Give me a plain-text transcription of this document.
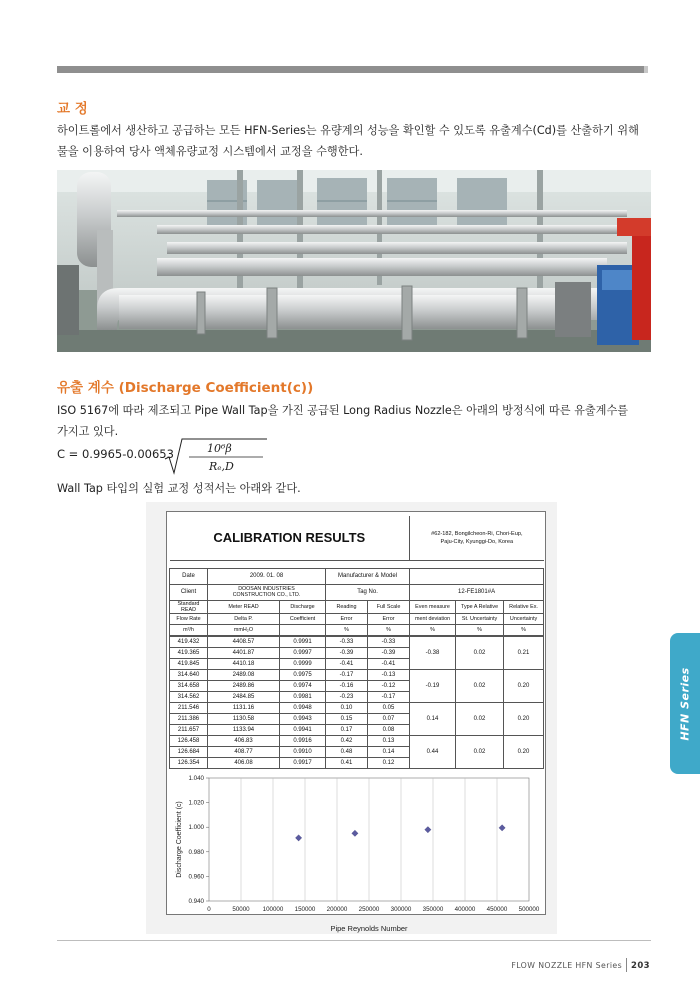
교 정
하이트롤에서 생산하고 공급하는 모든 HFN-Series는 유량계의 성능을 확인할 수 있도록 유출계수(Cd)를 산출하기 위해
물을 이용하여 당사 액체유량교정 시스템에서 교정을 수행한다.
유출 계수 (Discharge Coefficient(c))
ISO 5167에 따라 제조되고 Pipe Wall Tap을 가진 공급된 Long Radius Nozzle은 아래의 방정식에 따른 유출계수를
가지고 있다.
C = 0.9965-0.00653	10⁶β
Rₑ,D
Wall Tap 타입의 실험 교정 성적서는 아래와 같다.
CALIBRATION RESULTS					#62-182, Bongilcheon-Ri, Chori-Eup,
Paju-City, Kyunggi-Do, Korea		

Date	2009. 01. 08		Manufacturer & Model				
Client	DOOSAN INDUSTRIES
CONSTRUCTION CO., LTD.		Tag No.		12-FE1801#A		
Standard READ	Meter READ	Discharge	Reading	Full Scale	Even measure	Type A Relative	Relative Ex.
Flow Rate	Delta P.	Coefficient	Error	Error	ment deviation	St. Uncertainty	Uncertainty
m³/h	mmH₂O		%	%	%	%	%
419.432	4408.57	0.9991	-0.33	-0.33	-0.38	0.02	0.21
419.365	4401.87	0.9997	-0.39	-0.39			
419.845	4410.18	0.9999	-0.41	-0.41			
314.640	2489.08	0.9975	-0.17	-0.13	-0.19	0.02	0.20
314.658	2489.86	0.9974	-0.16	-0.12			
314.562	2484.85	0.9981	-0.23	-0.17			
211.546	1131.16	0.9948	0.10	0.05	0.14	0.02	0.20
211.386	1130.58	0.9943	0.15	0.07			
211.657	1133.94	0.9941	0.17	0.08			
126.458	406.83	0.9916	0.42	0.13	0.44	0.02	0.20
126.684	408.77	0.9910	0.48	0.14			
126.354	406.08	0.9917	0.41	0.12			
0	50000 100000 150000 200000 250000 300000 350000 400000 450000 500000
0.940
0.960
0.980
1.000
1.020
1.040
Pipe Reynolds Number
Discharge Coefficient (c)
HFN Series
FLOW NOZZLE HFN Series 203
